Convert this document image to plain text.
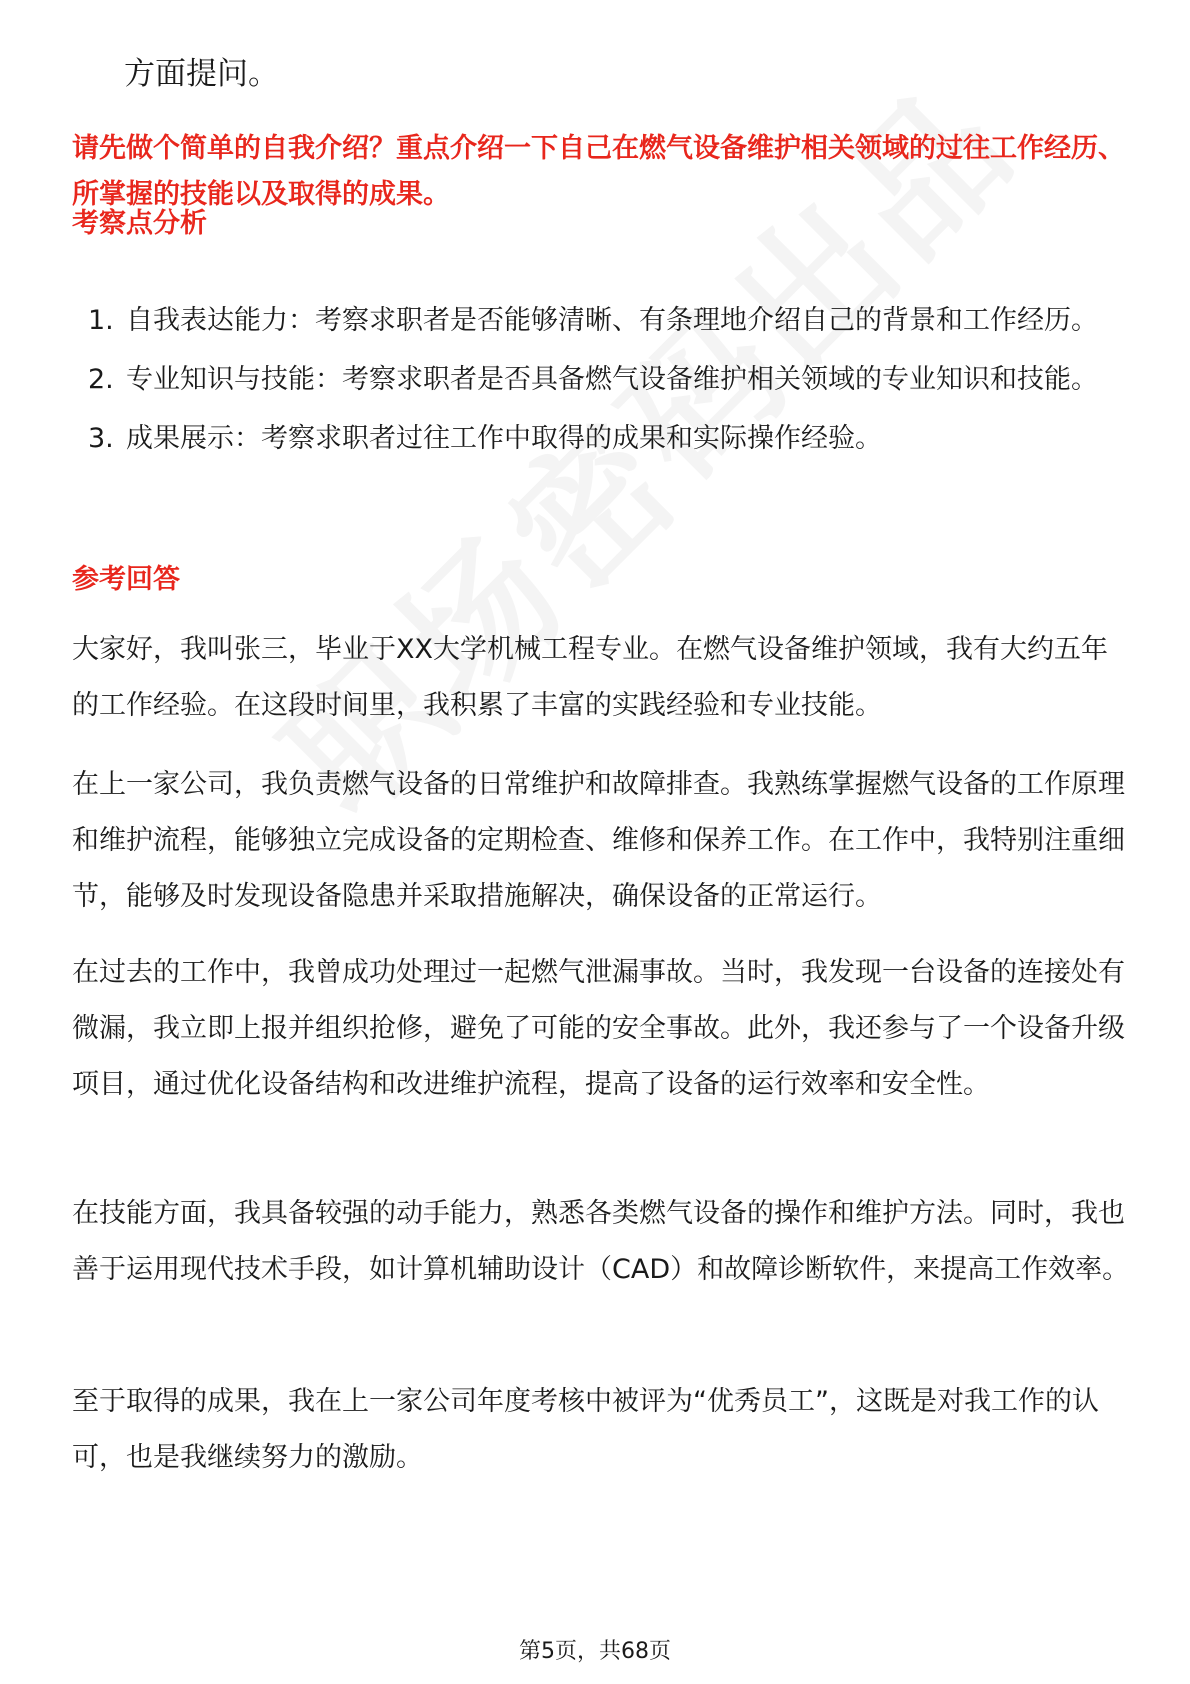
方面提问。
请先做个简单的自我介绍？重点介绍一下自己在燃气设备维护相关领域的过往工作经历、所掌握的技能以及取得的成果。
考察点分析
1. 自我表达能力：考察求职者是否能够清晰、有条理地介绍自己的背景和工作经历。
2. 专业知识与技能：考察求职者是否具备燃气设备维护相关领域的专业知识和技能。
3. 成果展示：考察求职者过往工作中取得的成果和实际操作经验。
参考回答

大家好，我叫张三，毕业于XX大学机械工程专业。在燃气设备维护领域，我有大约五年的工作经验。在这段时间里，我积累了丰富的实践经验和专业技能。

在上一家公司，我负责燃气设备的日常维护和故障排查。我熟练掌握燃气设备的工作原理和维护流程，能够独立完成设备的定期检查、维修和保养工作。在工作中，我特别注重细节，能够及时发现设备隐患并采取措施解决，确保设备的正常运行。

在过去的工作中，我曾成功处理过一起燃气泄漏事故。当时，我发现一台设备的连接处有微漏，我立即上报并组织抢修，避免了可能的安全事故。此外，我还参与了一个设备升级项目，通过优化设备结构和改进维护流程，提高了设备的运行效率和安全性。

在技能方面，我具备较强的动手能力，熟悉各类燃气设备的操作和维护方法。同时，我也善于运用现代技术手段，如计算机辅助设计（CAD）和故障诊断软件，来提高工作效率。

至于取得的成果，我在上一家公司年度考核中被评为“优秀员工”，这既是对我工作的认可，也是我继续努力的激励。

第5页，共68页
